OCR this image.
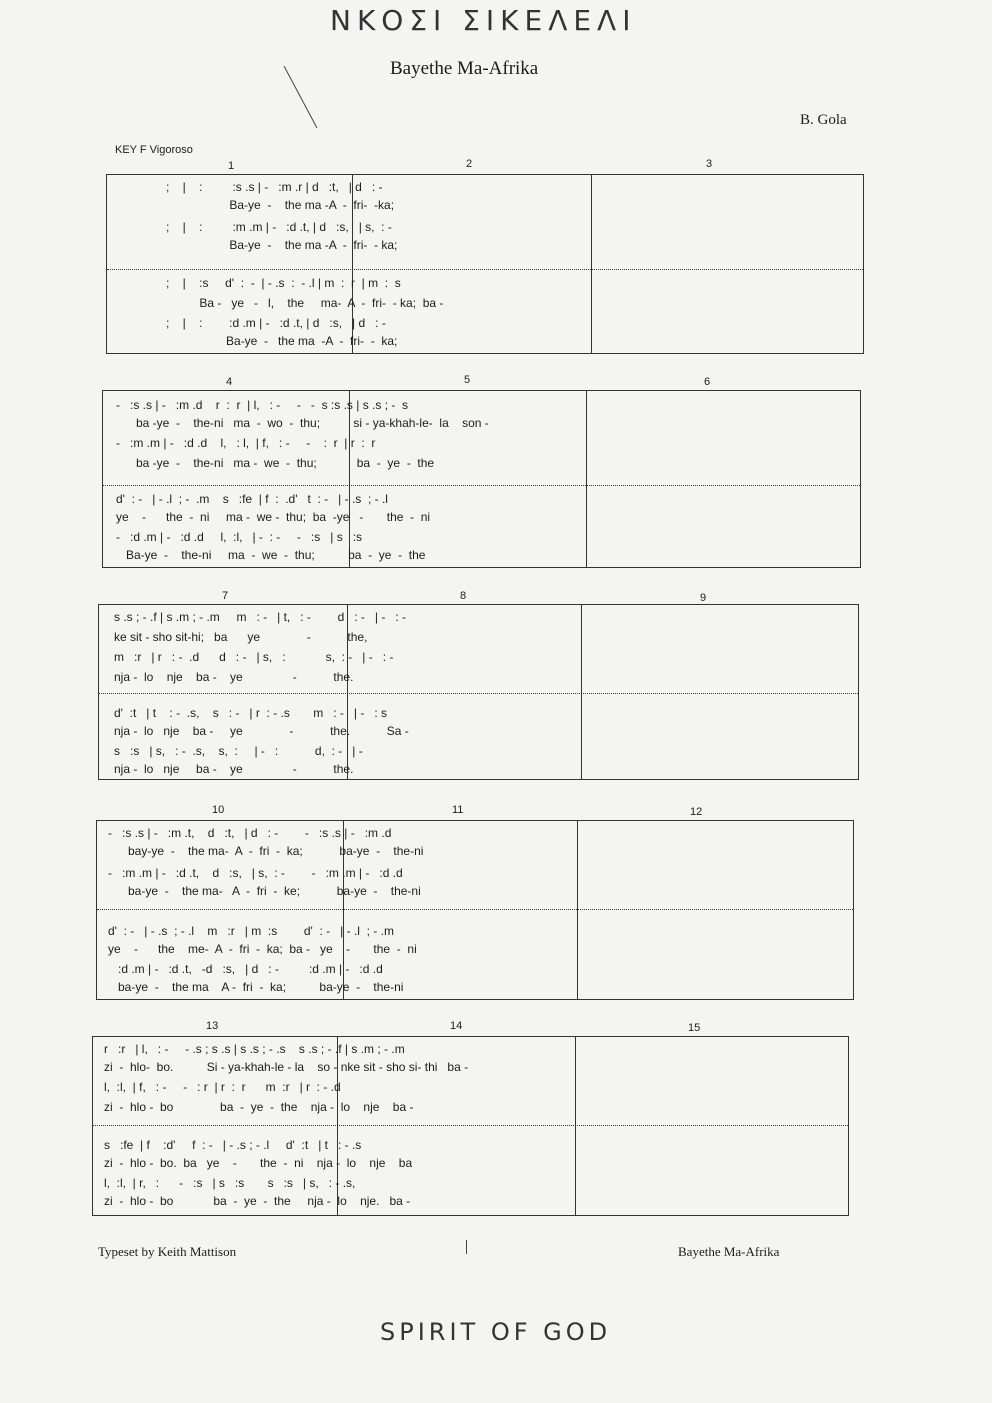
ΝΚΟΣΙ ΣΙΚΕΛΕΛΙ
Bayethe Ma-Afrika
B. Gola
KEY F Vigoroso
1	2	3
;    |    :         :s .s | -   :m .r | d   :t,   | d   : -
Ba-ye  -    the ma -A  -  fri-  -ka;
;    |    :         :m .m | -   :d .t, | d   :s,   | s,  : -
Ba-ye  -    the ma -A  -  fri-  - ka;
;    |    :s     d'  :  -  | - .s  :  - .l | m  :  r  | m  :  s
Ba -   ye   -   l,    the     ma-  A  -  fri-  - ka;  ba -
;    |    :        :d .m | -   :d .t, | d   :s,   | d   : -
Ba-ye  -   the ma  -A  -  fri-  -  ka;
4	5	6
-   :s .s | -   :m .d    r  :  r  | l,   : -     -   -  s :s .s | s .s ; -  s
ba -ye  -    the-ni   ma  -  wo  -  thu;          si - ya-khah-le-  la    son -
-   :m .m | -   :d .d    l,   : l,  | f,   : -     -    :  r  | r  :  r
ba -ye  -    the-ni   ma -  we  -  thu;            ba  -  ye  -  the
d'  : -   | - .l  ; -  .m    s   :fe  | f  :  .d'   t  : -   | - .s  ; - .l
ye    -      the  -  ni     ma -  we -  thu;  ba  -ye   -       the  -  ni
-   :d .m | -   :d .d     l,  :l,   | -  : -     -   :s   | s   :s
Ba-ye  -    the-ni     ma  -  we  -  thu;          ba  -  ye  -  the
7	8	9
s .s ; - .f | s .m ; - .m     m   : -   | t,   : -        d   : -   | -   : -
ke sit - sho sit-hi;   ba      ye              -           the,
m   :r   | r   : -  .d      d   : -   | s,   :            s,  : -   | -   : -
nja -  lo    nje    ba -    ye               -           the.
d'  :t   | t    : -  .s,    s   : -   | r  : - .s       m   : -   | -   : s
nja -  lo   nje    ba -     ye              -           the.           Sa -
s   :s   | s,   : -  .s,    s,  :     | -   :           d,  : -   | -
nja -  lo   nje     ba -    ye               -           the.
10	11	12
-   :s .s | -   :m .t,    d   :t,   | d   : -        -   :s .s | -   :m .d
bay-ye  -    the ma-  A  -  fri  -  ka;           ba-ye  -    the-ni
-   :m .m | -   :d .t,    d   :s,   | s,  : -        -   :m .m | -   :d .d
ba-ye  -    the ma-   A  -  fri  -  ke;           ba-ye  -    the-ni
d'  : -   | - .s  ; - .l    m   :r   | m  :s        d'  : -   | - .l  ; - .m
ye    -      the    me-  A  -  fri  -  ka;  ba -   ye    -       the  -  ni
:d .m | -   :d .t,   -d   :s,   | d   : -         :d .m | -   :d .d
ba-ye  -    the ma    A -  fri  -  ka;          ba-ye  -    the-ni
13	14	15
r   :r   | l,   : -     - .s ; s .s | s .s ; - .s    s .s ; - .f | s .m ; - .m
zi  -  hlo-  bo.          Si - ya-khah-le - la    so - nke sit - sho si- thi   ba -
l,  :l,  | f,   : -     -   : r  | r  :  r      m  :r   | r  : - .d
zi  -  hlo -  bo              ba  -  ye  -  the    nja -  lo    nje    ba -
s   :fe  | f    :d'     f  : -   | - .s ; - .l     d'  :t   | t   : - .s
zi  -  hlo -  bo.  ba   ye    -       the  -  ni    nja -  lo    nje    ba
l,  :l,  | r,   :      -   :s   | s   :s       s   :s   | s,   : - .s,
zi  -  hlo -  bo            ba  -  ye  -  the     nja -  lo    nje.   ba -
Typeset by Keith Mattison	Bayethe Ma-Afrika
SPIRIT OF GOD
